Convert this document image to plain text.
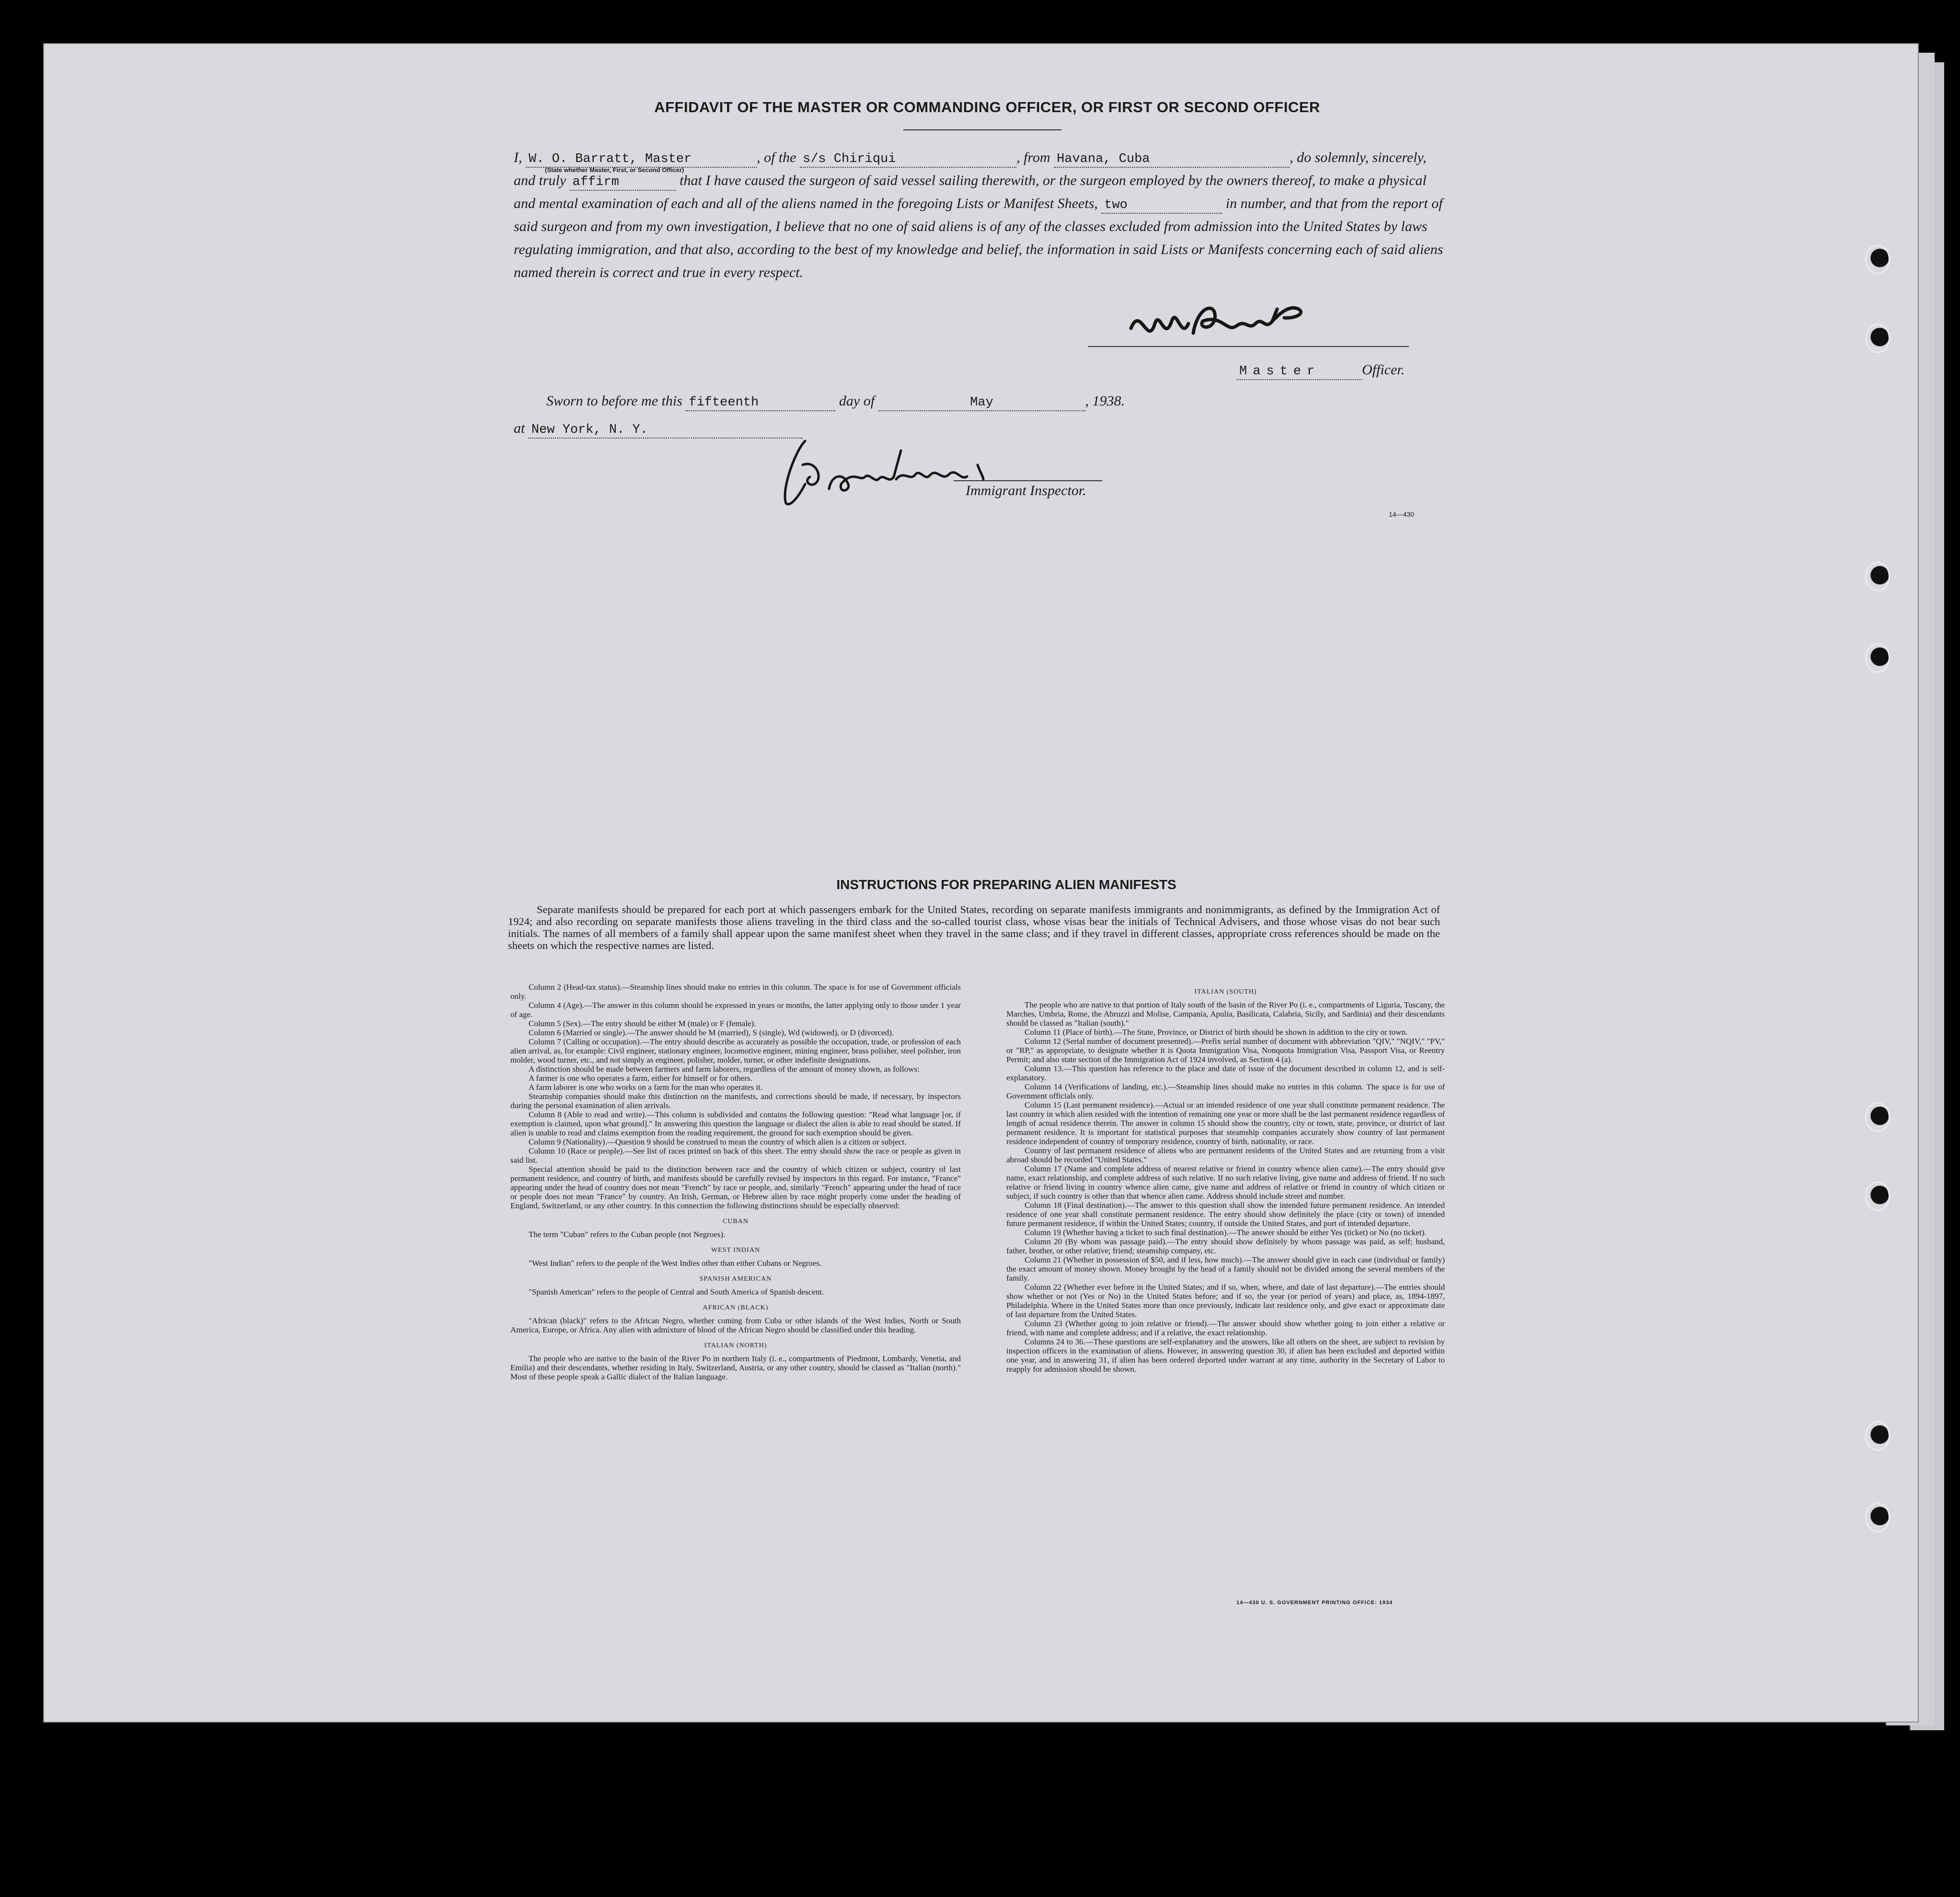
AFFIDAVIT OF THE MASTER OR COMMANDING OFFICER, OR FIRST OR SECOND OFFICER
I, W. O. Barratt, Master	, of the s/s Chiriqui	, from Havana, Cuba	, do solemnly, sincerely, and truly affirm	that I have caused the surgeon of said vessel sailing therewith, or the surgeon employed by the owners thereof, to make a physical and mental examination of each and all of the aliens named in the foregoing Lists or Manifest Sheets, two	in number, and that from the report of said surgeon and from my own investigation, I believe that no one of said aliens is of any of the classes excluded from admission into the United States by laws regulating immigration, and that also, according to the best of my knowledge and belief, the information in said Lists or Manifests concerning each of said aliens named therein is correct and true in every respect.
(State whether Master, First, or Second Officer)
Master	Officer.
Sworn to before me this fifteenth	day of	May	, 1938.
at New York, N. Y.
Immigrant Inspector.
14—430
INSTRUCTIONS FOR PREPARING ALIEN MANIFESTS
Separate manifests should be prepared for each port at which passengers embark for the United States, recording on separate manifests immigrants and nonimmigrants, as defined by the Immigration Act of 1924; and also recording on separate manifests those aliens traveling in the third class and the so-called tourist class, whose visas bear the initials of Technical Advisers, and those whose visas do not bear such initials. The names of all members of a family shall appear upon the same manifest sheet when they travel in the same class; and if they travel in different classes, appropriate cross references should be made on the sheets on which the respective names are listed.

Column 2 (Head-tax status).—Steamship lines should make no entries in this column. The space is for use of Government officials only.

Column 4 (Age).—The answer in this column should be expressed in years or months, the latter applying only to those under 1 year of age.

Column 5 (Sex).—The entry should be either M (male) or F (female).

Column 6 (Married or single).—The answer should be M (married), S (single), Wd (widowed), or D (divorced).

Column 7 (Calling or occupation).—The entry should describe as accurately as possible the occupation, trade, or profession of each alien arrival, as, for example: Civil engineer, stationary engineer, locomotive engineer, mining engineer, brass polisher, steel polisher, iron molder, wood turner, etc., and not simply as engineer, polisher, molder, turner, or other indefinite designations.

A distinction should be made between farmers and farm laborers, regardless of the amount of money shown, as follows:

A farmer is one who operates a farm, either for himself or for others.

A farm laborer is one who works on a farm for the man who operates it.

Steamship companies should make this distinction on the manifests, and corrections should be made, if necessary, by inspectors during the personal examination of alien arrivals.

Column 8 (Able to read and write).—This column is subdivided and contains the following question: "Read what language [or, if exemption is claimed, upon what ground]." In answering this question the language or dialect the alien is able to read should be stated. If alien is unable to read and claims exemption from the reading requirement, the ground for such exemption should be given.

Column 9 (Nationality).—Question 9 should be construed to mean the country of which alien is a citizen or subject.

Column 10 (Race or people).—See list of races printed on back of this sheet. The entry should show the race or people as given in said list.

Special attention should be paid to the distinction between race and the country of which citizen or subject, country of last permanent residence, and country of birth, and manifests should be carefully revised by inspectors in this regard. For instance, "France" appearing under the head of country does not mean "French" by race or people, and, similarly "French" appearing under the head of race or people does not mean "France" by country. An Irish, German, or Hebrew alien by race might properly come under the heading of England, Switzerland, or any other country. In this connection the following distinctions should be especially observed:

CUBAN

The term "Cuban" refers to the Cuban people (not Negroes).

WEST INDIAN

"West Indian" refers to the people of the West Indies other than either Cubans or Negroes.

SPANISH AMERICAN

"Spanish American" refers to the people of Central and South America of Spanish descent.

AFRICAN (BLACK)

"African (black)" refers to the African Negro, whether coming from Cuba or other islands of the West Indies, North or South America, Europe, or Africa. Any alien with admixture of blood of the African Negro should be classified under this heading.

ITALIAN (NORTH)

The people who are native to the basin of the River Po in northern Italy (i. e., compartments of Piedmont, Lombardy, Venetia, and Emilia) and their descendants, whether residing in Italy, Switzerland, Austria, or any other country, should be classed as "Italian (north)." Most of these people speak a Gallic dialect of the Italian language.

ITALIAN (SOUTH)

The people who are native to that portion of Italy south of the basin of the River Po (i. e., compartments of Liguria, Tuscany, the Marches, Umbria, Rome, the Abruzzi and Molise, Campania, Apulia, Basilicata, Calabria, Sicily, and Sardinia) and their descendants should be classed as "Italian (south)."

Column 11 (Place of birth).—The State, Province, or District of birth should be shown in addition to the city or town.

Column 12 (Serial number of document presented).—Prefix serial number of document with abbreviation "QIV," "NQIV," "PV," or "RP," as appropriate, to designate whether it is Quota Immigration Visa, Nonquota Immigration Visa, Passport Visa, or Reentry Permit; and also state section of the Immigration Act of 1924 involved, as Section 4 (a).

Column 13.—This question has reference to the place and date of issue of the document described in column 12, and is self-explanatory.

Column 14 (Verifications of landing, etc.).—Steamship lines should make no entries in this column. The space is for use of Government officials only.

Column 15 (Last permanent residence).—Actual or an intended residence of one year shall constitute permanent residence. The last country in which alien resided with the intention of remaining one year or more shall be the last permanent residence regardless of length of actual residence therein. The answer in column 15 should show the country, city or town, state, province, or district of last permanent residence. It is important for statistical purposes that steamship companies accurately show country of last permanent residence independent of country of temporary residence, country of birth, nationality, or race.

Country of last permanent residence of aliens who are permanent residents of the United States and are returning from a visit abroad should be recorded "United States."

Column 17 (Name and complete address of nearest relative or friend in country whence alien came).—The entry should give name, exact relationship, and complete address of such relative. If no such relative living, give name and address of friend. If no such relative or friend living in country whence alien came, give name and address of relative or friend in country of which citizen or subject, if such country is other than that whence alien came. Address should include street and number.

Column 18 (Final destination).—The answer to this question shall show the intended future permanent residence. An intended residence of one year shall constitute permanent residence. The entry should show definitely the place (city or town) of intended future permanent residence, if within the United States; country, if outside the United States, and port of intended departure.

Column 19 (Whether having a ticket to such final destination).—The answer should be either Yes (ticket) or No (no ticket).

Column 20 (By whom was passage paid).—The entry should show definitely by whom passage was paid, as self; husband, father, brother, or other relative; friend; steamship company, etc.

Column 21 (Whether in possession of $50, and if less, how much).—The answer should give in each case (individual or family) the exact amount of money shown. Money brought by the head of a family should not be divided among the several members of the family.

Column 22 (Whether ever before in the United States; and if so, when, where, and date of last departure).—The entries should show whether or not (Yes or No) in the United States before; and if so, the year (or period of years) and place, as, 1894-1897, Philadelphia. Where in the United States more than once previously, indicate last residence only, and give exact or approximate date of last departure from the United States.

Column 23 (Whether going to join relative or friend).—The answer should show whether going to join either a relative or friend, with name and complete address; and if a relative, the exact relationship.

Columns 24 to 36.—These questions are self-explanatory and the answers, like all others on the sheet, are subject to revision by inspection officers in the examination of aliens. However, in answering question 30, if alien has been excluded and deported within one year, and in answering 31, if alien has been ordered deported under warrant at any time, authority in the Secretary of Labor to reapply for admission should be shown.

14—430 U. S. GOVERNMENT PRINTING OFFICE: 1934
